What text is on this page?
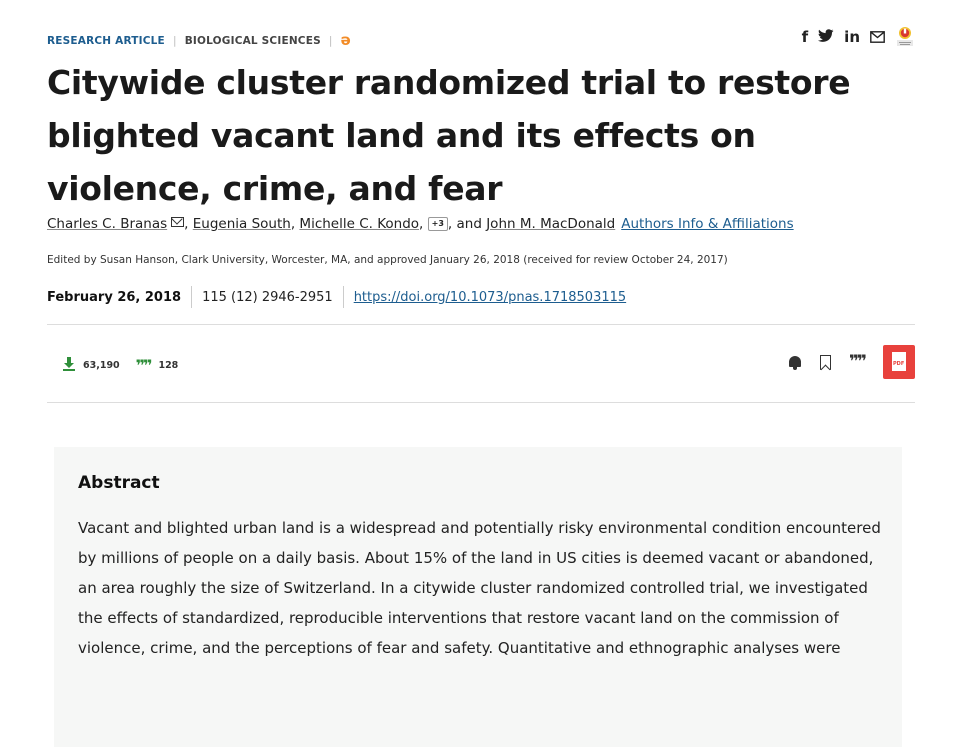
RESEARCH ARTICLE | BIOLOGICAL SCIENCES | ə	f in
Citywide cluster randomized trial to restore blighted vacant land and its effects on violence, crime, and fear
Charles C. Branas , Eugenia South, Michelle C. Kondo, +3 , and John M. MacDonald Authors Info & Affiliations
Edited by Susan Hanson, Clark University, Worcester, MA, and approved January 26, 2018 (received for review October 24, 2017)
February 26, 2018 115 (12) 2946-2951 https://doi.org/10.1073/pnas.1718503115
63,190 ❞❞ 128	❞❞	PDF
Abstract

Vacant and blighted urban land is a widespread and potentially risky environmental condition encountered by millions of people on a daily basis. About 15% of the land in US cities is deemed vacant or abandoned, an area roughly the size of Switzerland. In a citywide cluster randomized controlled trial, we investigated the effects of standardized, reproducible interventions that restore vacant land on the commission of violence, crime, and the perceptions of fear and safety. Quantitative and ethnographic analyses were
